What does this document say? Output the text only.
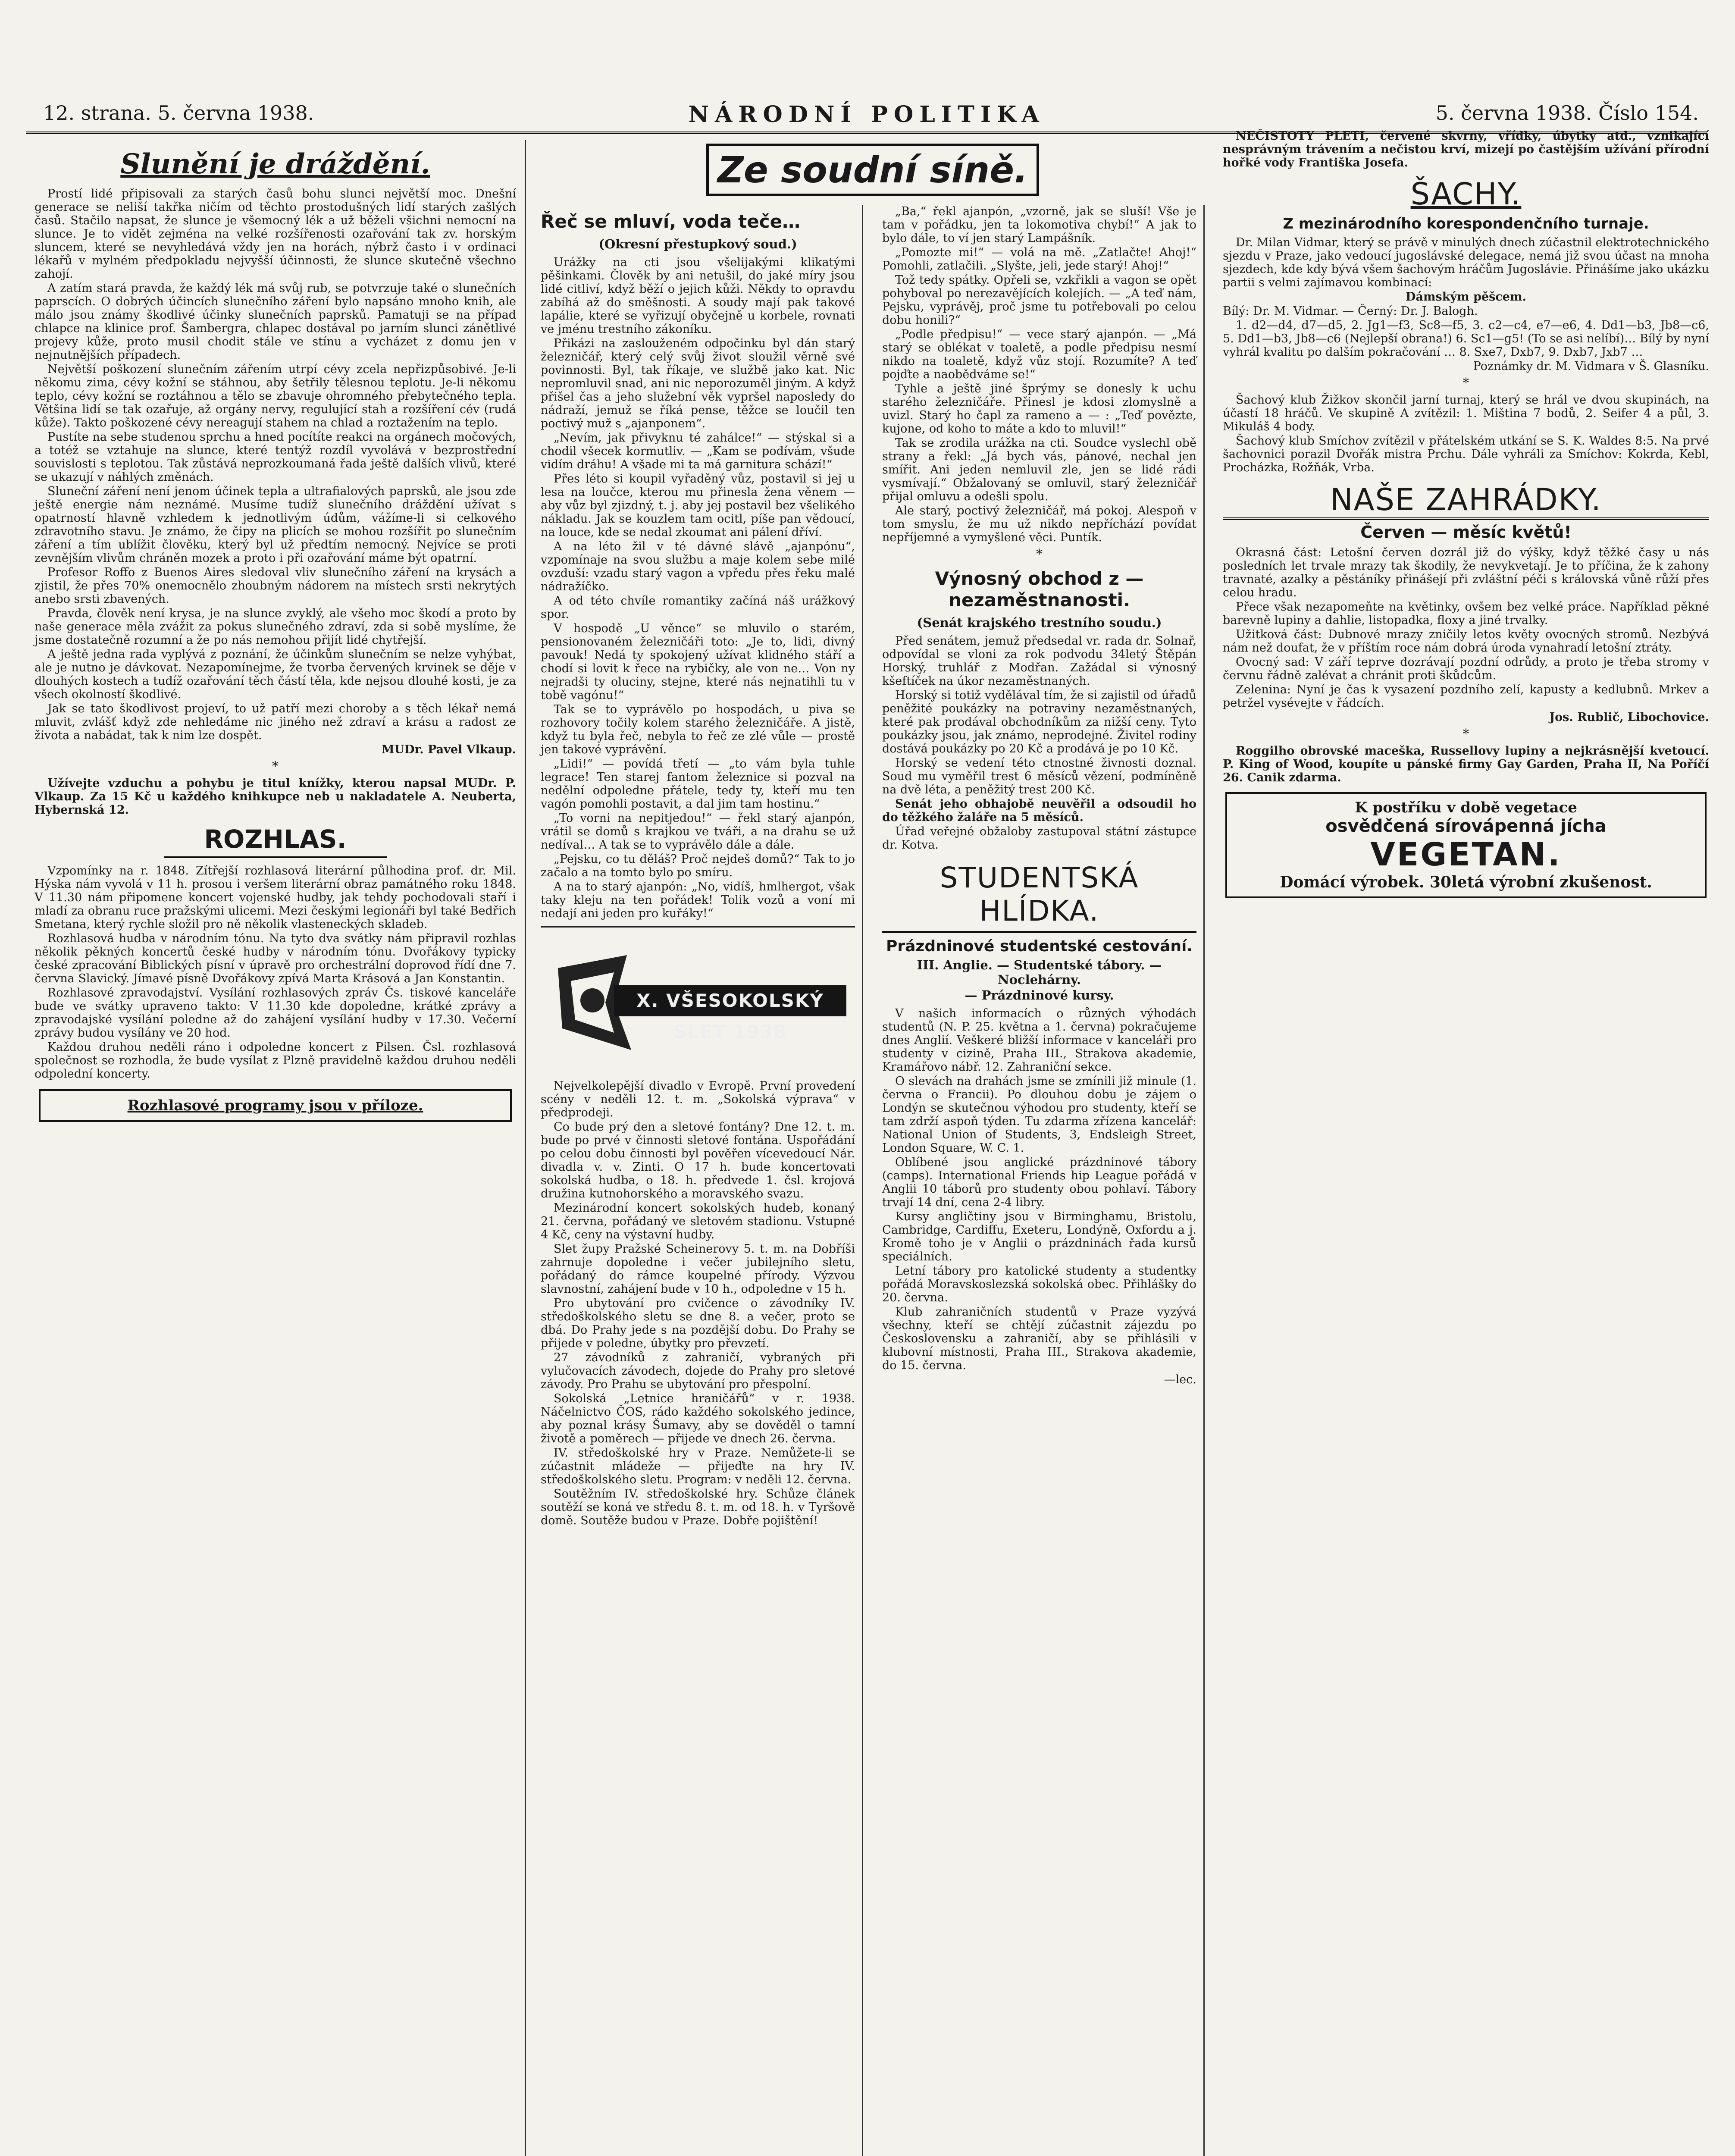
12. strana. 5. června 1938.	NÁRODNÍ POLITIKA	5. června 1938. Číslo 154.
Slunění je dráždění.

Prostí lidé připisovali za starých časů bohu slunci největší moc. Dnešní generace se neliší takřka ničím od těchto prostodušných lidí starých zašlých časů. Stačilo napsat, že slunce je všemocný lék a už běželi všichni nemocní na slunce. Je to vidět zejména na velké rozšířenosti ozařování tak zv. horským sluncem, které se nevyhledává vždy jen na horách, nýbrž často i v ordinaci lékařů v mylném předpokladu nejvyšší účinnosti, že slunce skutečně všechno zahojí.

A zatím stará pravda, že každý lék má svůj rub, se potvrzuje také o slunečních paprscích. O dobrých účincích slunečního záření bylo napsáno mnoho knih, ale málo jsou známy škodlivé účinky slunečních paprsků. Pamatuji se na případ chlapce na klinice prof. Šambergra, chlapec dostával po jarním slunci zánětlivé projevy kůže, proto musil chodit stále ve stínu a vycházet z domu jen v nejnutnějších případech.

Největší poškození slunečním zářením utrpí cévy zcela nepřizpůsobivé. Je-li někomu zima, cévy kožní se stáhnou, aby šetřily tělesnou teplotu. Je-li někomu teplo, cévy kožní se roztáhnou a tělo se zbavuje ohromného přebytečného tepla. Většina lidí se tak ozařuje, až orgány nervy, regulující stah a rozšíření cév (rudá kůže). Takto poškozené cévy nereagují stahem na chlad a roztažením na teplo.

Pustíte na sebe studenou sprchu a hned pocítíte reakci na orgánech močových, a totéž se vztahuje na slunce, které tentýž rozdíl vyvolává v bezprostřední souvislosti s teplotou. Tak zůstává neprozkoumaná řada ještě dalších vlivů, které se ukazují v náhlých změnách.

Sluneční záření není jenom účinek tepla a ultrafialových paprsků, ale jsou zde ještě energie nám neznámé. Musíme tudíž slunečního dráždění užívat s opatrností hlavně vzhledem k jednotlivým údům, vážíme-li si celkového zdravotního stavu. Je známo, že čipy na plicích se mohou rozšířit po slunečním záření a tím ublížit člověku, který byl už předtím nemocný. Nejvíce se proti zevnějším vlivům chráněn mozek a proto i při ozařování máme být opatrní.

Profesor Roffo z Buenos Aires sledoval vliv slunečního záření na krysách a zjistil, že přes 70% onemocnělo zhoubným nádorem na místech srsti nekrytých anebo srsti zbavených.

Pravda, člověk není krysa, je na slunce zvyklý, ale všeho moc škodí a proto by naše generace měla zvážit za pokus slunečného zdraví, zda si sobě myslíme, že jsme dostatečně rozumní a že po nás nemohou přijít lidé chytřejší.

A ještě jedna rada vyplývá z poznání, že účinkům slunečním se nelze vyhýbat, ale je nutno je dávkovat. Nezapomínejme, že tvorba červených krvinek se děje v dlouhých kostech a tudíž ozařování těch částí těla, kde nejsou dlouhé kosti, je za všech okolností škodlivé.

Jak se tato škodlivost projeví, to už patří mezi choroby a s těch lékař nemá mluvit, zvlášť když zde nehledáme nic jiného než zdraví a krásu a radost ze života a nabádat, tak k nim lze dospět.

MUDr. Pavel Vlkaup.

*

Užívejte vzduchu a pohybu je titul knížky, kterou napsal MUDr. P. Vlkaup. Za 15 Kč u každého knihkupce neb u nakladatele A. Neuberta, Hybernská 12.

ROZHLAS.

Vzpomínky na r. 1848. Zítřejší rozhlasová literární půlhodina prof. dr. Mil. Hýska nám vyvolá v 11 h. prosou i veršem literární obraz památného roku 1848. V 11.30 nám připomene koncert vojenské hudby, jak tehdy pochodovali staří i mladí za obranu ruce pražskými ulicemi. Mezi českými legionáři byl také Bedřich Smetana, který rychle složil pro ně několik vlasteneckých skladeb.

Rozhlasová hudba v národním tónu. Na tyto dva svátky nám připravil rozhlas několik pěkných koncertů české hudby v národním tónu. Dvořákovy typicky české zpracování Biblických písní v úpravě pro orchestrální doprovod řídí dne 7. června Slavický. Jímavé písně Dvořákovy zpívá Marta Krásová a Jan Konstantin.

Rozhlasové zpravodajství. Vysílání rozhlasových zpráv Čs. tiskové kanceláře bude ve svátky upraveno takto: V 11.30 kde dopoledne, krátké zprávy a zpravodajské vysílání poledne až do zahájení vysílání hudby v 17.30. Večerní zprávy budou vysílány ve 20 hod.

Každou druhou neděli ráno i odpoledne koncert z Pilsen. Čsl. rozhlasová společnost se rozhodla, že bude vysílat z Plzně pravidelně každou druhou neděli odpolední koncerty.

Rozhlasové programy jsou v příloze.
Ze soudní síně.
Řeč se mluví, voda teče…
(Okresní přestupkový soud.)

Urážky na cti jsou všelijakými klikatými pěšinkami. Člověk by ani netušil, do jaké míry jsou lidé citliví, když běží o jejich kůži. Někdy to opravdu zabíhá až do směšnosti. A soudy mají pak takové lapálie, které se vyřizují obyčejně u korbele, rovnati ve jménu trestního zákoníku.

Přikázi na zaslouženém odpočinku byl dán starý železničář, který celý svůj život sloužil věrně své povinnosti. Byl, tak říkaje, ve službě jako kat. Nic nepromluvil snad, ani nic neporozuměl jiným. A když přišel čas a jeho služební věk vypršel naposledy do nádraží, jemuž se říká pense, těžce se loučil ten poctivý muž s „ajanponem“.

„Nevím, jak přivyknu té zahálce!“ — stýskal si a chodil všecek kormutliv. — „Kam se podívám, všude vidím dráhu! A všade mi ta má garnitura schází!“

Přes léto si koupil vyřaděný vůz, postavil si jej u lesa na loučce, kterou mu přinesla žena věnem — aby vůz byl zjizdný, t. j. aby jej postavil bez všelikého nákladu. Jak se kouzlem tam ocitl, píše pan vědoucí, na louce, kde se nedal zkoumat ani pálení dříví.

A na léto žil v té dávné slávě „ajanpónu“, vzpomínaje na svou službu a maje kolem sebe milé ovzduší: vzadu starý vagon a vpředu přes řeku malé nádražíčko.

A od této chvíle romantiky začíná náš urážkový spor.

V hospodě „U věnce“ se mluvilo o starém, pensionovaném železničáři toto: „Je to, lidi, divný pavouk! Nedá ty spokojený užívat klidného stáří a chodí si lovit k řece na rybičky, ale von ne… Von ny nejradši ty oluciny, stejne, které nás nejnatihli tu v tobě vagónu!“

Tak se to vyprávělo po hospodách, u piva se rozhovory točily kolem starého železničáře. A jistě, když tu byla řeč, nebyla to řeč ze zlé vůle — prostě jen takové vyprávění.

„Lidi!“ — povídá třetí — „to vám byla tuhle legrace! Ten starej fantom železnice si pozval na nedělní odpoledne přátele, tedy ty, kteří mu ten vagón pomohli postavit, a dal jim tam hostinu.“

„To vorni na nepitjedou!“ — řekl starý ajanpón, vrátil se domů s krajkou ve tváři, a na drahu se už nedíval… A tak se to vyprávělo dále a dále.

„Pejsku, co tu děláš? Proč nejdeš domů?“ Tak to jo začalo a na tomto bylo po smíru.

A na to starý ajanpón: „No, vidíš, hmlhergot, však taky kleju na ten pořádek! Tolik vozů a voní mi nedají ani jeden pro kuřáky!“

X. VŠESOKOLSKÝ SLET 1938

Nejvelkolepější divadlo v Evropě. První provedení scény v neděli 12. t. m. „Sokolská výprava“ v předprodeji.

Co bude prý den a sletové fontány? Dne 12. t. m. bude po prvé v činnosti sletové fontána. Uspořádání po celou dobu činnosti byl pověřen vícevedoucí Nár. divadla v. v. Zinti. O 17 h. bude koncertovati sokolská hudba, o 18. h. předvede 1. čsl. krojová družina kutnohorského a moravského svazu.

Mezinárodní koncert sokolských hudeb, konaný 21. června, pořádaný ve sletovém stadionu. Vstupné 4 Kč, ceny na výstavní hudby.

Slet župy Pražské Scheinerovy 5. t. m. na Dobříši zahrnuje dopoledne i večer jubilejního sletu, pořádaný do rámce koupelné přírody. Výzvou slavnostní, zahájení bude v 10 h., odpoledne v 15 h.

Pro ubytování pro cvičence o závodníky IV. středoškolského sletu se dne 8. a večer, proto se dbá. Do Prahy jede s na pozdější dobu. Do Prahy se přijede v poledne, úbytky pro převzetí.

27 závodníků z zahraničí, vybraných při vylučovacích závodech, dojede do Prahy pro sletové závody. Pro Prahu se ubytování pro přespolní.

Sokolská „Letnice hraničářů“ v r. 1938. Náčelnictvo ČOS, rádo každého sokolského jedince, aby poznal krásy Šumavy, aby se dověděl o tamní životě a poměrech — přijede ve dnech 26. června.

IV. středoškolské hry v Praze. Nemůžete-li se zúčastnit mládeže — přijeďte na hry IV. středoškolského sletu. Program: v neděli 12. června.

Soutěžním IV. středoškolské hry. Schůze článek soutěží se koná ve středu 8. t. m. od 18. h. v Tyršově domě. Soutěže budou v Praze. Dobře pojištění!

„Ba,“ řekl ajanpón, „vzorně, jak se sluší! Vše je tam v pořádku, jen ta lokomotiva chybí!“ A jak to bylo dále, to ví jen starý Lampášník.

„Pomozte mi!“ — volá na mě. „Zatlačte! Ahoj!“ Pomohli, zatlačili. „Slyšte, jeli, jede starý! Ahoj!“

Tož tedy spátky. Opřeli se, vzkřikli a vagon se opět pohyboval po nerezavějících kolejích. — „A teď nám, Pejsku, vyprávěj, proč jsme tu potřebovali po celou dobu honili?“

„Podle předpisu!“ — vece starý ajanpón. — „Má starý se oblékat v toaletě, a podle předpisu nesmí nikdo na toaletě, když vůz stojí. Rozumíte? A teď pojďte a naobědváme se!“

Tyhle a ještě jiné šprýmy se donesly k uchu starého železničáře. Přinesl je kdosi zlomyslně a uvizl. Starý ho čapl za rameno a — : „Teď povězte, kujone, od koho to máte a kdo to mluvil!“

Tak se zrodila urážka na cti. Soudce vyslechl obě strany a řekl: „Já bych vás, pánové, nechal jen smířit. Ani jeden nemluvil zle, jen se lidé rádi vysmívají.“ Obžalovaný se omluvil, starý železničář přijal omluvu a odešli spolu.

Ale starý, poctivý železničář, má pokoj. Alespoň v tom smyslu, že mu už nikdo nepříchází povídat nepříjemné a vymyšlené věci. Puntík.

*
Výnosný obchod z — nezaměstnanosti.
(Senát krajského trestního soudu.)

Před senátem, jemuž předsedal vr. rada dr. Solnař, odpovídal se vloni za rok podvodu 34letý Štěpán Horský, truhlář z Modřan. Zažádal si výnosný kšeftíček na úkor nezaměstnaných.

Horský si totiž vydělával tím, že si zajistil od úřadů peněžité poukázky na potraviny nezaměstnaných, které pak prodával obchodníkům za nižší ceny. Tyto poukázky jsou, jak známo, neprodejné. Živitel rodiny dostává poukázky po 20 Kč a prodává je po 10 Kč.

Horský se vedení této ctnostné živnosti doznal. Soud mu vyměřil trest 6 měsíců vězení, podmíněně na dvě léta, a peněžitý trest 200 Kč.

Senát jeho obhajobě neuvěřil a odsoudil ho do těžkého žaláře na 5 měsíců.

Úřad veřejné obžaloby zastupoval státní zástupce dr. Kotva.

STUDENTSKÁ HLÍDKA.
Prázdninové studentské cestování.
III. Anglie. — Studentské tábory. — Noclehárny.
— Prázdninové kursy.

V našich informacích o různých výhodách studentů (N. P. 25. května a 1. června) pokračujeme dnes Anglií. Veškeré bližší informace v kanceláři pro studenty v cizině, Praha III., Strakova akademie, Kramářovo nábř. 12. Zahraniční sekce.

O slevách na drahách jsme se zmínili již minule (1. června o Francii). Po dlouhou dobu je zájem o Londýn se skutečnou výhodou pro studenty, kteří se tam zdrží aspoň týden. Tu zdarma zřízena kancelář: National Union of Students, 3, Endsleigh Street, London Square, W. C. 1.

Oblíbené jsou anglické prázdninové tábory (camps). International Friends hip League pořádá v Anglii 10 táborů pro studenty obou pohlaví. Tábory trvají 14 dní, cena 2-4 libry.

Kursy angličtiny jsou v Birminghamu, Bristolu, Cambridge, Cardiffu, Exeteru, Londýně, Oxfordu a j. Kromě toho je v Anglii o prázdninách řada kursů speciálních.

Letní tábory pro katolické studenty a studentky pořádá Moravskoslezská sokolská obec. Přihlášky do 20. června.

Klub zahraničních studentů v Praze vyzývá všechny, kteří se chtějí zúčastnit zájezdu po Československu a zahraničí, aby se přihlásili v klubovní místnosti, Praha III., Strakova akademie, do 15. června.

—lec.

NEČISTOTY PLETI, červené skvrny, vřídky, úbytky atd., vznikající nesprávným trávením a nečistou krví, mizejí po častějším užívání přírodní hořké vody Františka Josefa.

ŠACHY.
Z mezinárodního korespondenčního turnaje.

Dr. Milan Vidmar, který se právě v minulých dnech zúčastnil elektrotechnického sjezdu v Praze, jako vedoucí jugoslávské delegace, nemá již svou účast na mnoha sjezdech, kde kdy bývá všem šachovým hráčům Jugoslávie. Přinášíme jako ukázku partii s velmi zajímavou kombinací:

Dámským pěšcem.

Bílý: Dr. M. Vidmar. — Černý: Dr. J. Balogh.

1. d2—d4, d7—d5, 2. Jg1—f3, Sc8—f5, 3. c2—c4, e7—e6, 4. Dd1—b3, Jb8—c6, 5. Dd1—b3, Jb8—c6 (Nejlepší obrana!) 6. Sc1—g5! (To se asi nelíbí)… Bílý by nyní vyhrál kvalitu po dalším pokračování … 8. Sxe7, Dxb7, 9. Dxb7, Jxb7 …

Poznámky dr. M. Vidmara v Š. Glasníku.

*

Šachový klub Žižkov skončil jarní turnaj, který se hrál ve dvou skupinách, na účastí 18 hráčů. Ve skupině A zvítězil: 1. Miština 7 bodů, 2. Seifer 4 a půl, 3. Mikuláš 4 body.

Šachový klub Smíchov zvítězil v přátelském utkání se S. K. Waldes 8:5. Na prvé šachovnici porazil Dvořák mistra Prchu. Dále vyhráli za Smíchov: Kokrda, Kebl, Procházka, Rožňák, Vrba.

NAŠE ZAHRÁDKY.
Červen — měsíc květů!

Okrasná část: Letošní červen dozrál již do výšky, když těžké časy u nás posledních let trvale mrazy tak škodily, že nevykvetají. Je to příčina, že k zahony travnaté, azalky a pěstáníky přinášejí při zvláštní péči s královská vůně růží přes celou hradu.

Přece však nezapomeňte na květinky, ovšem bez velké práce. Například pěkné barevně lupiny a dahlie, listopadka, floxy a jiné trvalky.

Užitková část: Dubnové mrazy zničily letos květy ovocných stromů. Nezbývá nám než doufat, že v příštím roce nám dobrá úroda vynahradí letošní ztráty.

Ovocný sad: V září teprve dozrávají pozdní odrůdy, a proto je třeba stromy v červnu řádně zalévat a chránit proti škůdcům.

Zelenina: Nyní je čas k vysazení pozdního zelí, kapusty a kedlubnů. Mrkev a petržel vysévejte v řádcích.

Jos. Rublič, Libochovice.

*

Roggilho obrovské maceška, Russellovy lupiny a nejkrásnější kvetoucí. P. King of Wood, koupíte u pánské firmy Gay Garden, Praha II, Na Poříčí 26. Canik zdarma.

K postříku v době vegetace
osvědčená sírovápenná jícha
VEGETAN.
Domácí výrobek. 30letá výrobní zkušenost.
